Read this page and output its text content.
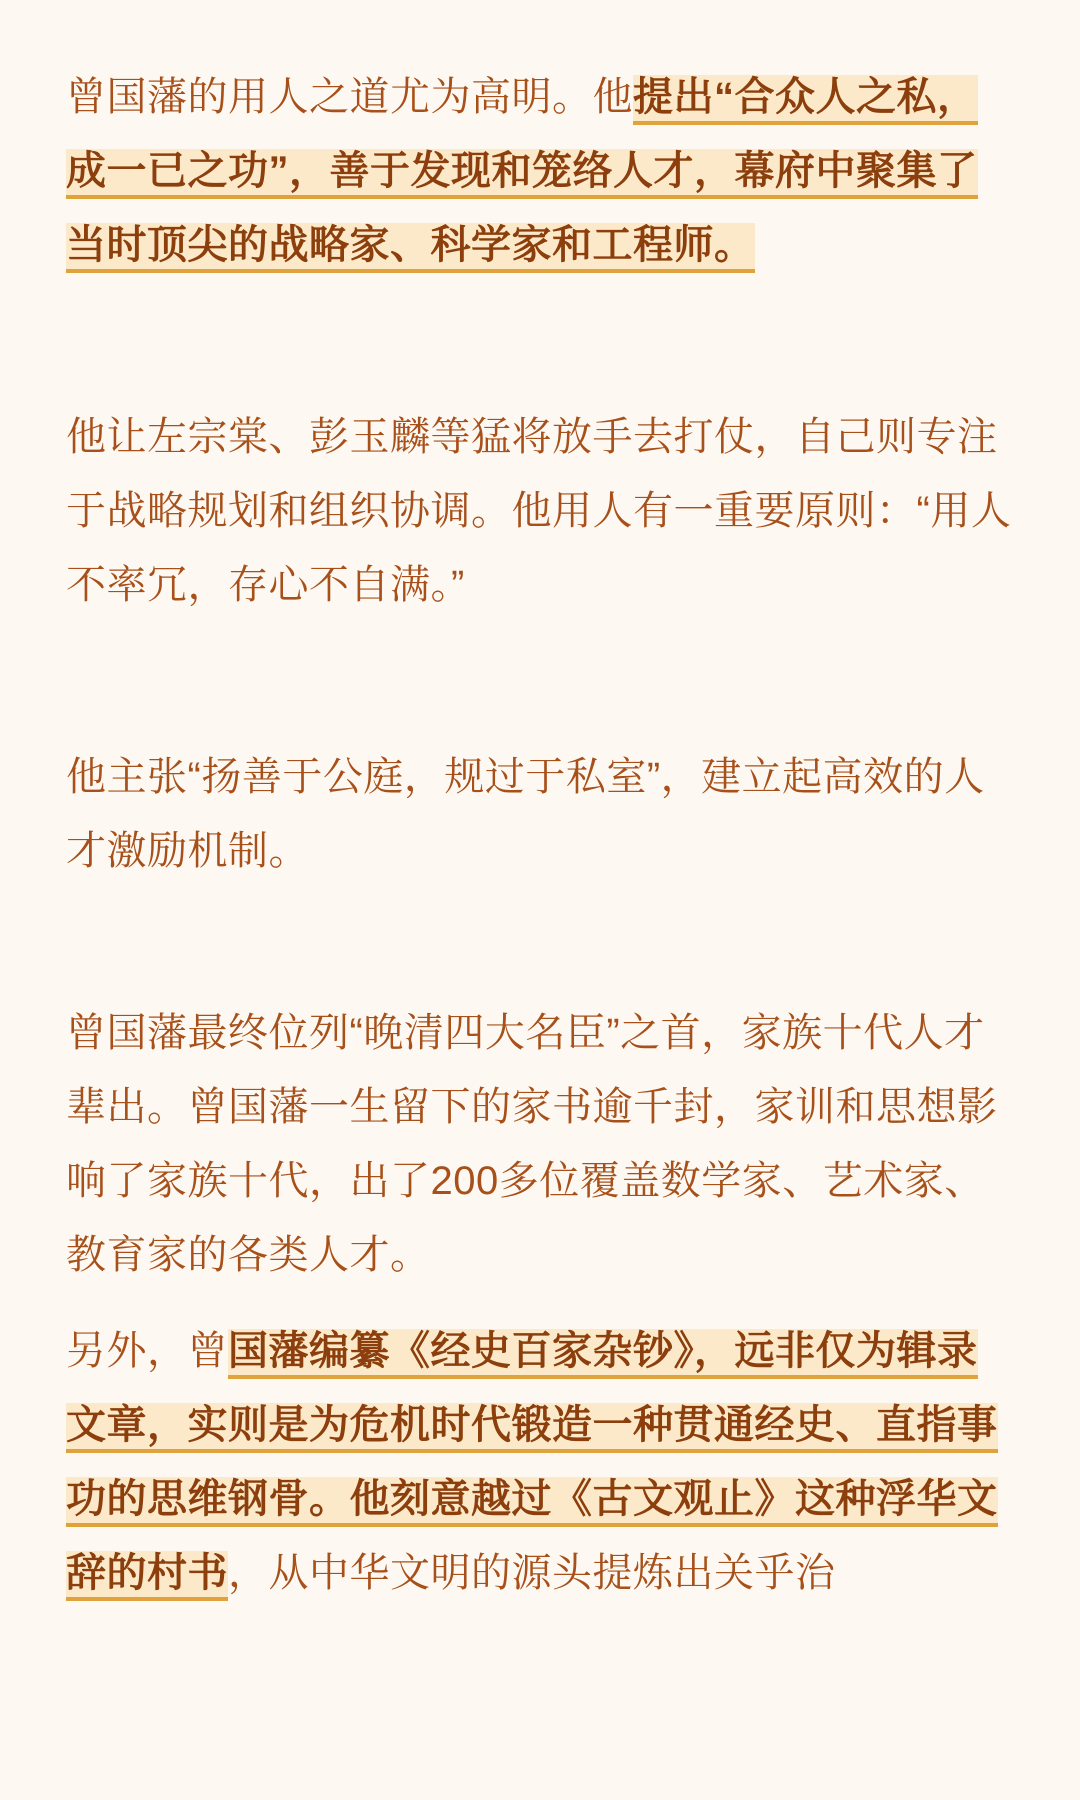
曾国藩的用人之道尤为高明。他提出“合众人之私，成一已之功”，善于发现和笼络人才，幕府中聚集了当时顶尖的战略家、科学家和工程师。

他让左宗棠、彭玉麟等猛将放手去打仗，自己则专注于战略规划和组织协调。他用人有一重要原则：“用人不率冗，存心不自满。”

他主张“扬善于公庭，规过于私室”，建立起高效的人才激励机制。

曾国藩最终位列“晚清四大名臣”之首，家族十代人才辈出。曾国藩一生留下的家书逾千封，家训和思想影响了家族十代，出了200多位覆盖数学家、艺术家、教育家的各类人才。

另外，曾国藩编纂《经史百家杂钞》，远非仅为辑录文章，实则是为危机时代锻造一种贯通经史、直指事功的思维钢骨。他刻意越过《古文观止》这种浮华文辞的村书，从中华文明的源头提炼出关乎治
